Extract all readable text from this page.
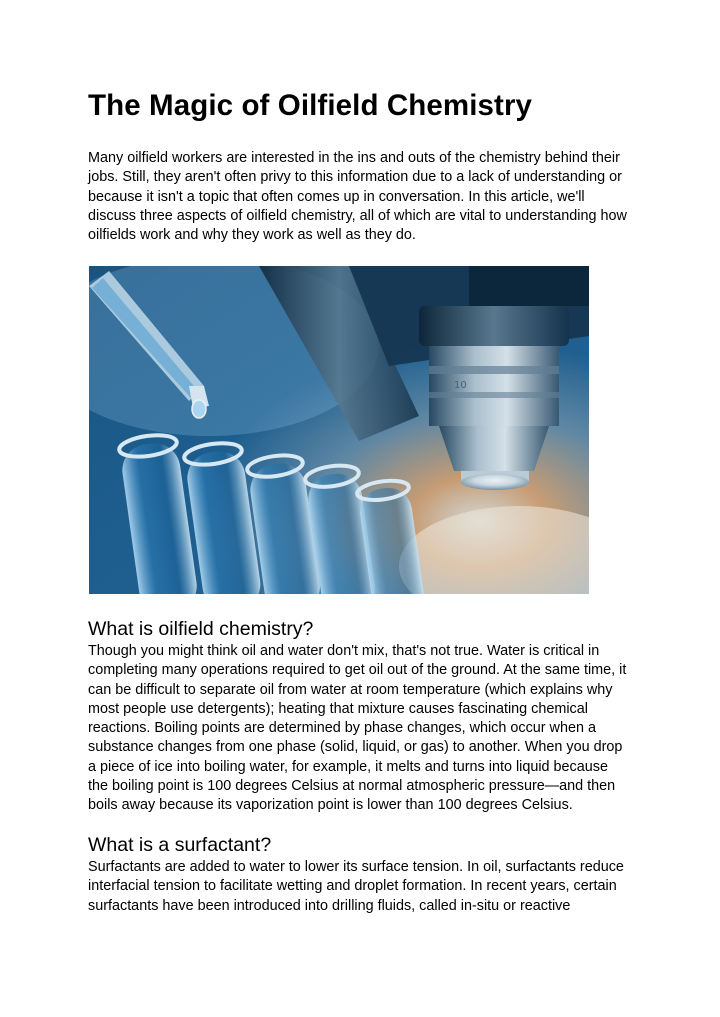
The Magic of Oilfield Chemistry

Many oilfield workers are interested in the ins and outs of the chemistry behind their
jobs. Still, they aren't often privy to this information due to a lack of understanding or
because it isn't a topic that often comes up in conversation. In this article, we'll
discuss three aspects of oilfield chemistry, all of which are vital to understanding how
oilfields work and why they work as well as they do.

10
What is oilfield chemistry?

Though you might think oil and water don't mix, that's not true. Water is critical in
completing many operations required to get oil out of the ground. At the same time, it
can be difficult to separate oil from water at room temperature (which explains why
most people use detergents); heating that mixture causes fascinating chemical
reactions. Boiling points are determined by phase changes, which occur when a
substance changes from one phase (solid, liquid, or gas) to another. When you drop
a piece of ice into boiling water, for example, it melts and turns into liquid because
the boiling point is 100 degrees Celsius at normal atmospheric pressure—and then
boils away because its vaporization point is lower than 100 degrees Celsius.

What is a surfactant?

Surfactants are added to water to lower its surface tension. In oil, surfactants reduce
interfacial tension to facilitate wetting and droplet formation. In recent years, certain
surfactants have been introduced into drilling fluids, called in-situ or reactive
